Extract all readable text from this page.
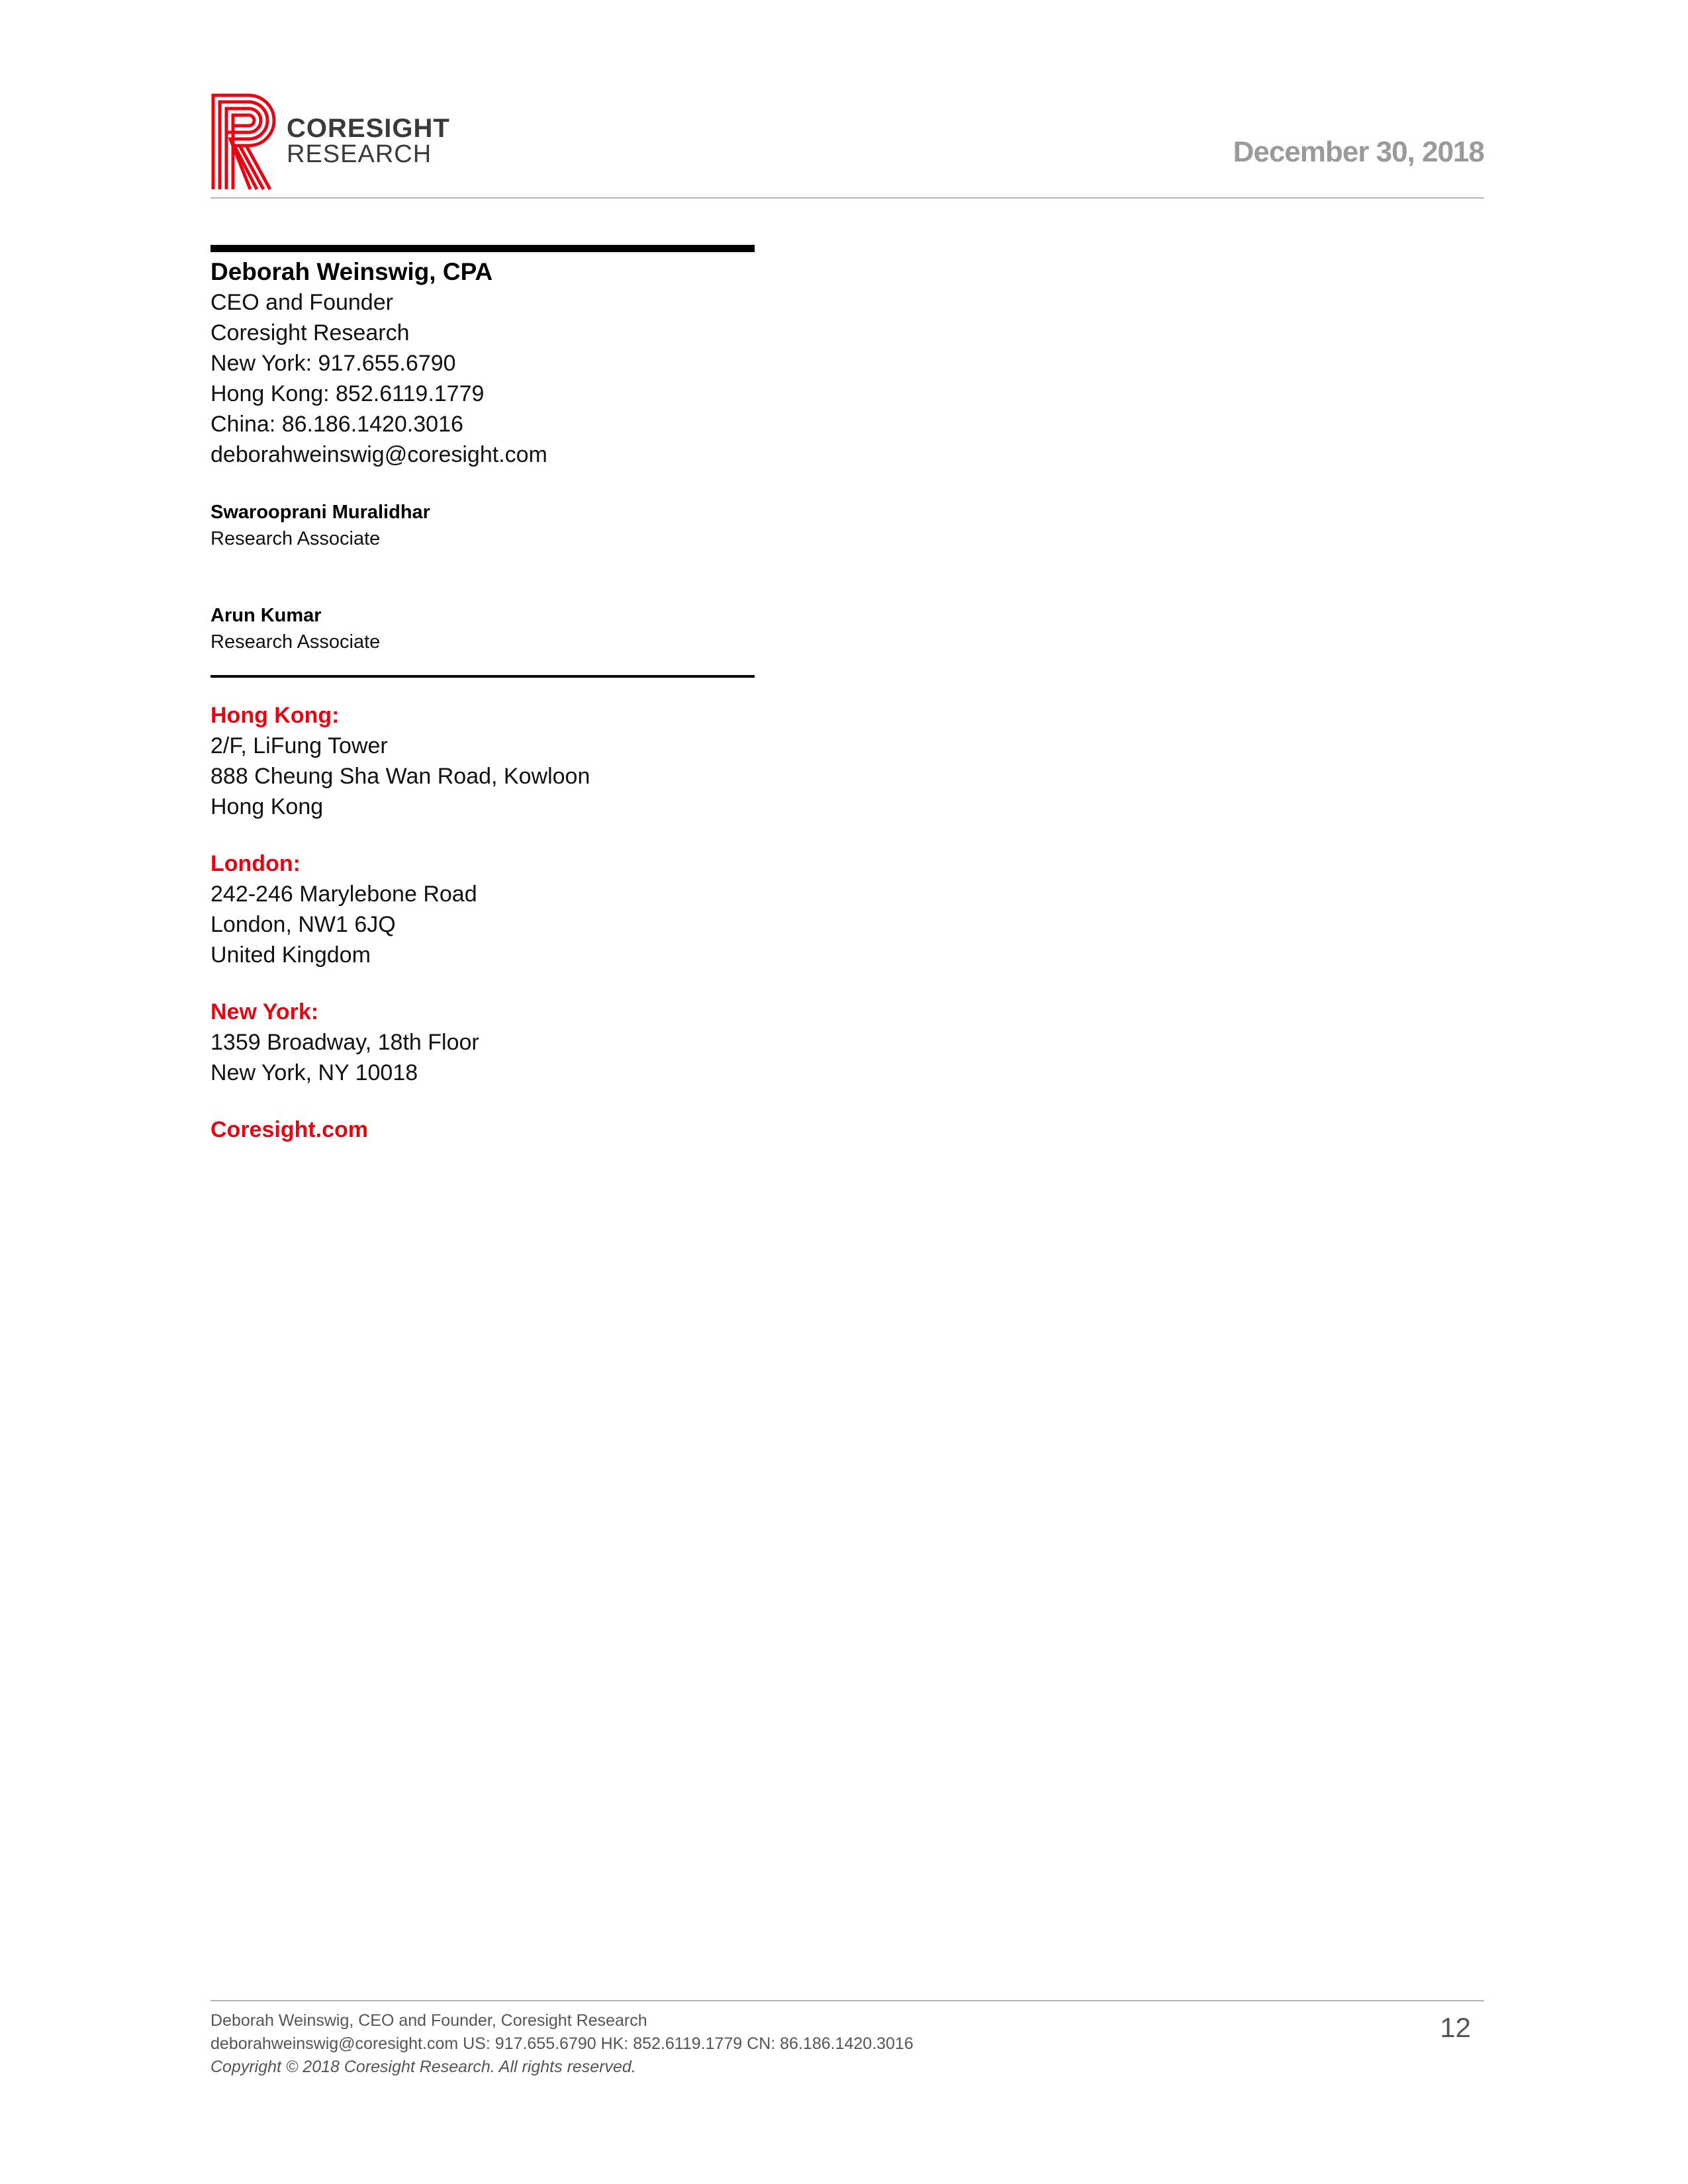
CORESIGHT
RESEARCH	December 30, 2018
Deborah Weinswig, CPA
CEO and Founder
Coresight Research
New York: 917.655.6790
Hong Kong: 852.6119.1779
China: 86.186.1420.3016
deborahweinswig@coresight.com
Swarooprani Muralidhar
Research Associate
Arun Kumar
Research Associate
Hong Kong:
2/F, LiFung Tower
888 Cheung Sha Wan Road, Kowloon
Hong Kong
London:
242-246 Marylebone Road
London, NW1 6JQ
United Kingdom
New York:
1359 Broadway, 18th Floor
New York, NY 10018
Coresight.com
Deborah Weinswig, CEO and Founder, Coresight Research
deborahweinswig@coresight.com US: 917.655.6790 HK: 852.6119.1779 CN: 86.186.1420.3016
Copyright © 2018 Coresight Research. All rights reserved.
12
